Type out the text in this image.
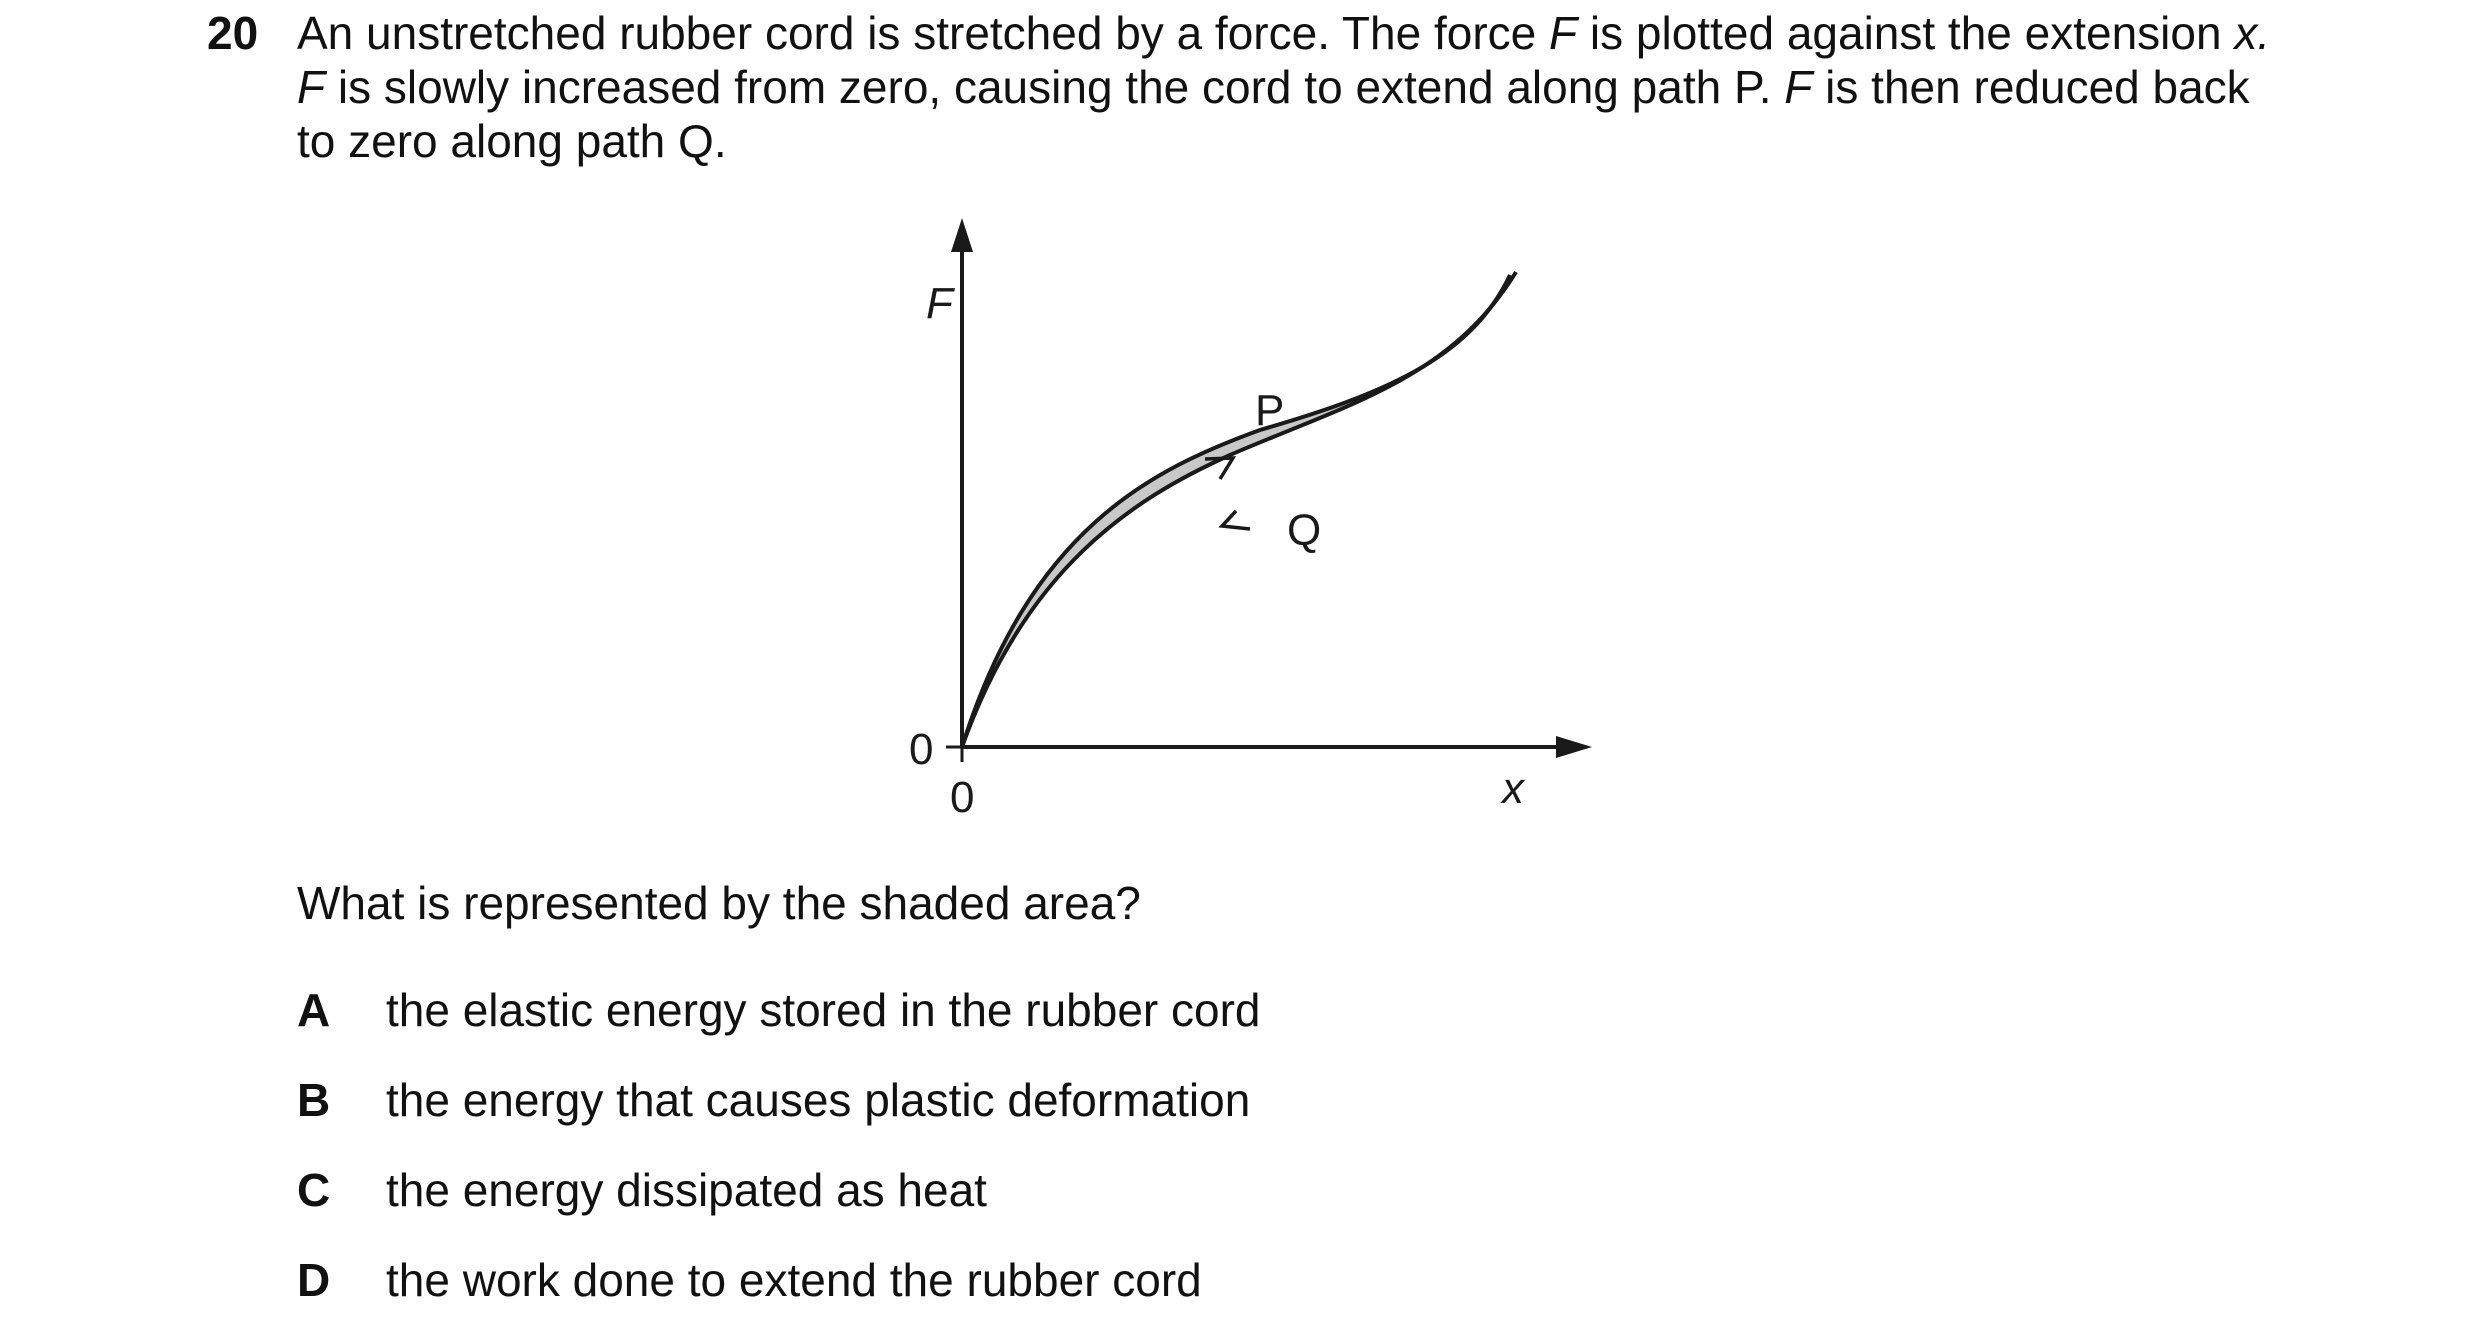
20 An unstretched rubber cord is stretched by a force. The force F is plotted against the extension x.
F is slowly increased from zero, causing the cord to extend along path P. F is then reduced back
to zero along path Q.
F
x
0
0
P
Q
What is represented by the shaded area?
A the elastic energy stored in the rubber cord
B the energy that causes plastic deformation
C the energy dissipated as heat
D the work done to extend the rubber cord
